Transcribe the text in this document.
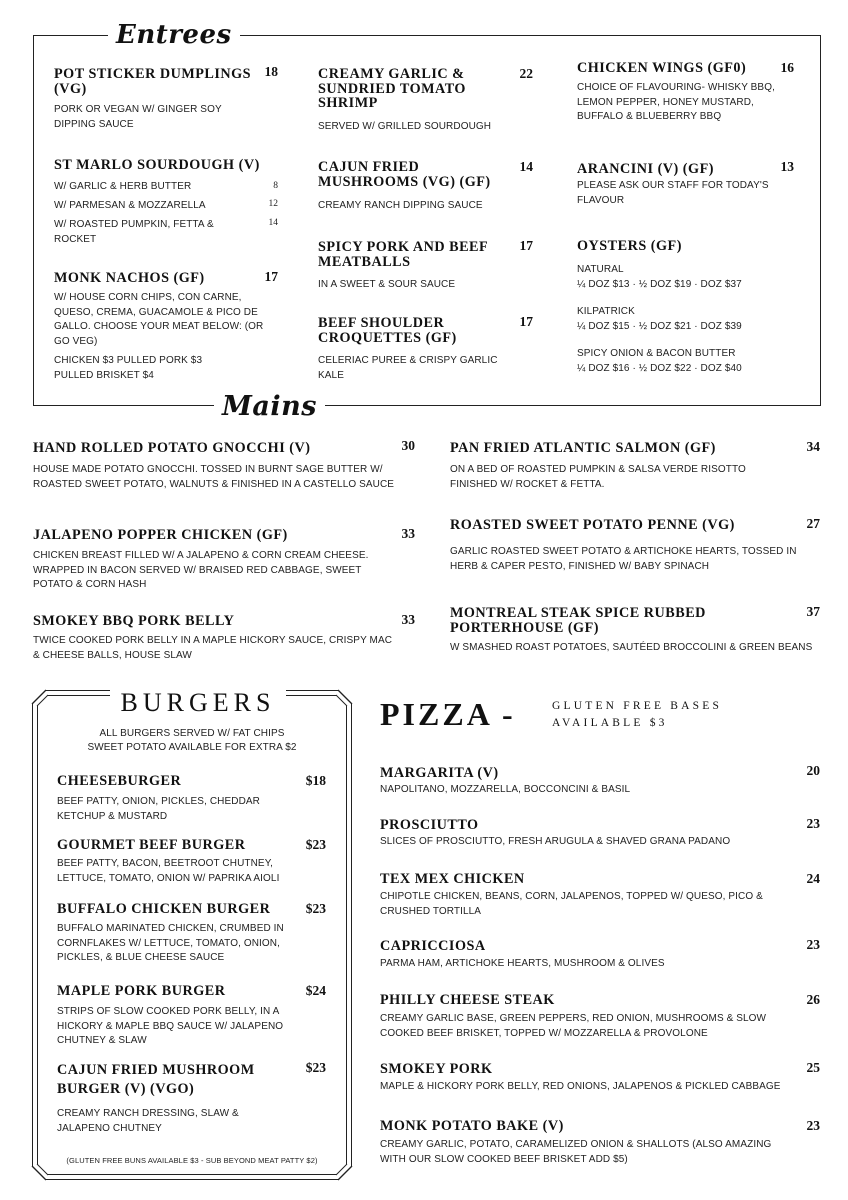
Entrees
POT STICKER DUMPLINGS (VG)
18
PORK OR VEGAN W/ GINGER SOY DIPPING SAUCE
ST MARLO SOURDOUGH (V)
W/ GARLIC & HERB BUTTER	8
W/ PARMESAN & MOZZARELLA	12
W/ ROASTED PUMPKIN, FETTA & ROCKET
14
MONK NACHOS (GF)	17
W/ HOUSE CORN CHIPS, CON CARNE, QUESO, CREMA, GUACAMOLE & PICO DE GALLO. CHOOSE YOUR MEAT BELOW: (OR GO VEG)
CHICKEN $3 PULLED PORK $3 PULLED BRISKET $4
CREAMY GARLIC & SUNDRIED TOMATO SHRIMP
22
SERVED W/ GRILLED SOURDOUGH
CAJUN FRIED MUSHROOMS (VG) (GF)
14
CREAMY RANCH DIPPING SAUCE
SPICY PORK AND BEEF MEATBALLS
17
IN A SWEET & SOUR SAUCE
BEEF SHOULDER CROQUETTES (GF)
17
CELERIAC PUREE & CRISPY GARLIC KALE
CHICKEN WINGS (GF0)	16
CHOICE OF FLAVOURING- WHISKY BBQ, LEMON PEPPER, HONEY MUSTARD, BUFFALO & BLUEBERRY BBQ
ARANCINI (V) (GF)	13
PLEASE ASK OUR STAFF FOR TODAY'S FLAVOUR
OYSTERS (GF)
NATURAL
¼ DOZ $13 · ½ DOZ $19 · DOZ $37
KILPATRICK
¼ DOZ $15 · ½ DOZ $21 · DOZ $39
SPICY ONION & BACON BUTTER
¼ DOZ $16 · ½ DOZ $22 · DOZ $40
Mains
HAND ROLLED POTATO GNOCCHI (V)	30
HOUSE MADE POTATO GNOCCHI. TOSSED IN BURNT SAGE BUTTER W/ ROASTED SWEET POTATO, WALNUTS & FINISHED IN A CASTELLO SAUCE
JALAPENO POPPER CHICKEN (GF)	33
CHICKEN BREAST FILLED W/ A JALAPENO & CORN CREAM CHEESE. WRAPPED IN BACON SERVED W/ BRAISED RED CABBAGE, SWEET POTATO & CORN HASH
SMOKEY BBQ PORK BELLY	33
TWICE COOKED PORK BELLY IN A MAPLE HICKORY SAUCE, CRISPY MAC & CHEESE BALLS, HOUSE SLAW
PAN FRIED ATLANTIC SALMON (GF)	34
ON A BED OF ROASTED PUMPKIN & SALSA VERDE RISOTTO FINISHED W/ ROCKET & FETTA.
ROASTED SWEET POTATO PENNE (VG)	27
GARLIC ROASTED SWEET POTATO & ARTICHOKE HEARTS, TOSSED IN HERB & CAPER PESTO, FINISHED W/ BABY SPINACH
MONTREAL STEAK SPICE RUBBED PORTERHOUSE (GF)
37
W SMASHED ROAST POTATOES, SAUTÉED BROCCOLINI & GREEN BEANS
BURGERS
ALL BURGERS SERVED W/ FAT CHIPS
SWEET POTATO AVAILABLE FOR EXTRA $2
CHEESEBURGER	$18
BEEF PATTY, ONION, PICKLES, CHEDDAR KETCHUP & MUSTARD
GOURMET BEEF BURGER	$23
BEEF PATTY, BACON, BEETROOT CHUTNEY, LETTUCE, TOMATO, ONION W/ PAPRIKA AIOLI
BUFFALO CHICKEN BURGER	$23
BUFFALO MARINATED CHICKEN, CRUMBED IN CORNFLAKES W/ LETTUCE, TOMATO, ONION, PICKLES, & BLUE CHEESE SAUCE
MAPLE PORK BURGER	$24
STRIPS OF SLOW COOKED PORK BELLY, IN A HICKORY & MAPLE BBQ SAUCE W/ JALAPENO CHUTNEY & SLAW
CAJUN FRIED MUSHROOM BURGER (V) (VGO)
$23
CREAMY RANCH DRESSING, SLAW & JALAPENO CHUTNEY
(GLUTEN FREE BUNS AVAILABLE $3 - SUB BEYOND MEAT PATTY $2)
PIZZA -	GLUTEN FREE BASES
AVAILABLE $3
MARGARITA (V)	20
NAPOLITANO, MOZZARELLA, BOCCONCINI & BASIL
PROSCIUTTO	23
SLICES OF PROSCIUTTO, FRESH ARUGULA & SHAVED GRANA PADANO
TEX MEX CHICKEN	24
CHIPOTLE CHICKEN, BEANS, CORN, JALAPENOS, TOPPED W/ QUESO, PICO & CRUSHED TORTILLA
CAPRICCIOSA	23
PARMA HAM, ARTICHOKE HEARTS, MUSHROOM & OLIVES
PHILLY CHEESE STEAK	26
CREAMY GARLIC BASE, GREEN PEPPERS, RED ONION, MUSHROOMS & SLOW COOKED BEEF BRISKET, TOPPED W/ MOZZARELLA & PROVOLONE
SMOKEY PORK	25
MAPLE & HICKORY PORK BELLY, RED ONIONS, JALAPENOS & PICKLED CABBAGE
MONK POTATO BAKE (V)	23
CREAMY GARLIC, POTATO, CARAMELIZED ONION & SHALLOTS (ALSO AMAZING WITH OUR SLOW COOKED BEEF BRISKET ADD $5)
